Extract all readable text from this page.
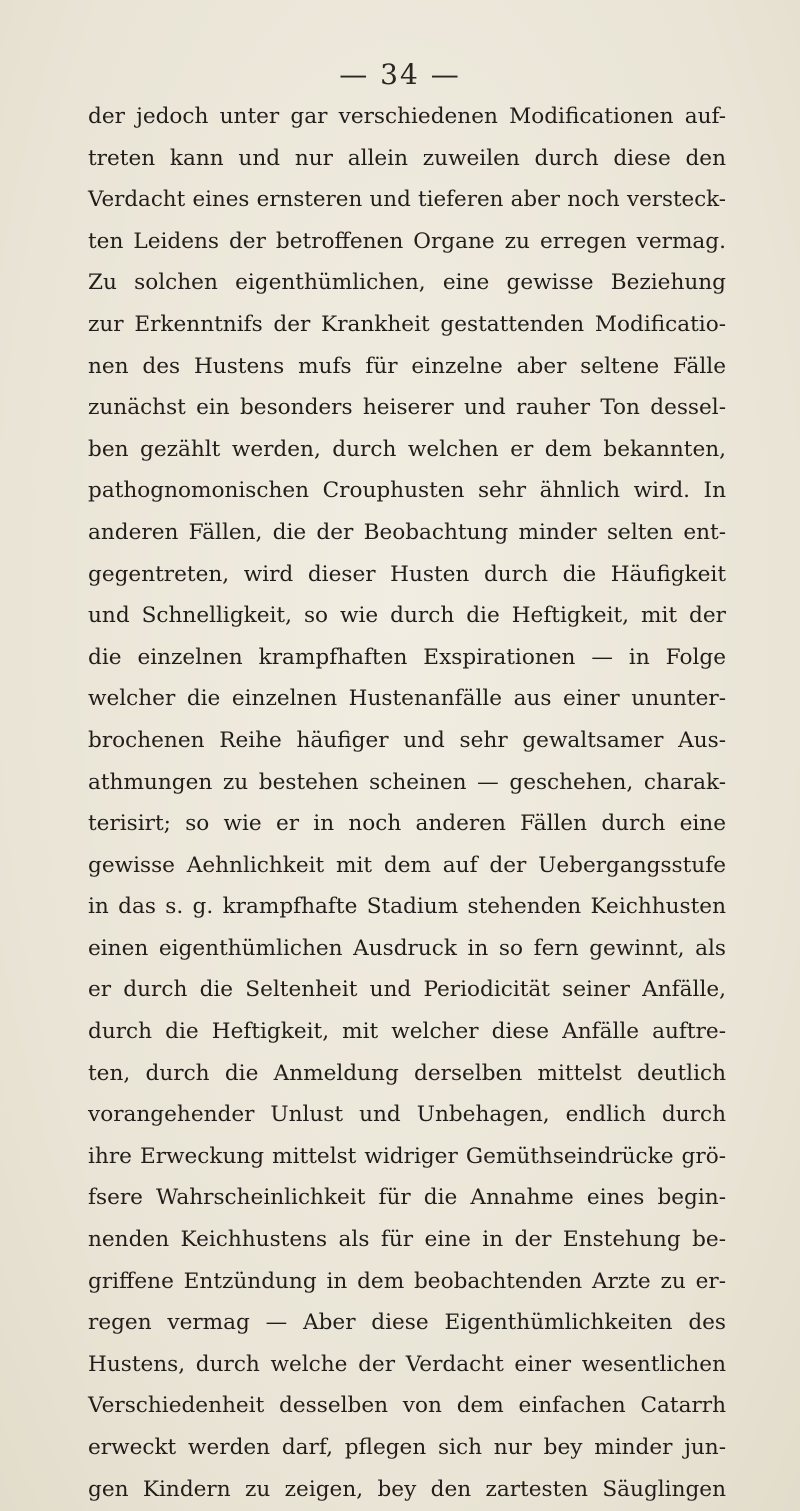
— 34 —
der jedoch unter gar verschiedenen Modificationen auf-
treten kann und nur allein zuweilen durch diese den
Verdacht eines ernsteren und tieferen aber noch versteck-
ten Leidens der betroffenen Organe zu erregen vermag.
Zu solchen eigenthümlichen, eine gewisse Beziehung
zur Erkenntnifs der Krankheit gestattenden Modificatio-
nen des Hustens mufs für einzelne aber seltene Fälle
zunächst ein besonders heiserer und rauher Ton dessel-
ben gezählt werden, durch welchen er dem bekannten,
pathognomonischen Crouphusten sehr ähnlich wird. In
anderen Fällen, die der Beobachtung minder selten ent-
gegentreten, wird dieser Husten durch die Häufigkeit
und Schnelligkeit, so wie durch die Heftigkeit, mit der
die einzelnen krampfhaften Exspirationen — in Folge
welcher die einzelnen Hustenanfälle aus einer ununter-
brochenen Reihe häufiger und sehr gewaltsamer Aus-
athmungen zu bestehen scheinen — geschehen, charak-
terisirt; so wie er in noch anderen Fällen durch eine
gewisse Aehnlichkeit mit dem auf der Uebergangsstufe
in das s. g. krampfhafte Stadium stehenden Keichhusten
einen eigenthümlichen Ausdruck in so fern gewinnt, als
er durch die Seltenheit und Periodicität seiner Anfälle,
durch die Heftigkeit, mit welcher diese Anfälle auftre-
ten, durch die Anmeldung derselben mittelst deutlich
vorangehender Unlust und Unbehagen, endlich durch
ihre Erweckung mittelst widriger Gemüthseindrücke grö-
fsere Wahrscheinlichkeit für die Annahme eines begin-
nenden Keichhustens als für eine in der Enstehung be-
griffene Entzündung in dem beobachtenden Arzte zu er-
regen vermag — Aber diese Eigenthümlichkeiten des
Hustens, durch welche der Verdacht einer wesentlichen
Verschiedenheit desselben von dem einfachen Catarrh
erweckt werden darf, pflegen sich nur bey minder jun-
gen Kindern zu zeigen, bey den zartesten Säuglingen
